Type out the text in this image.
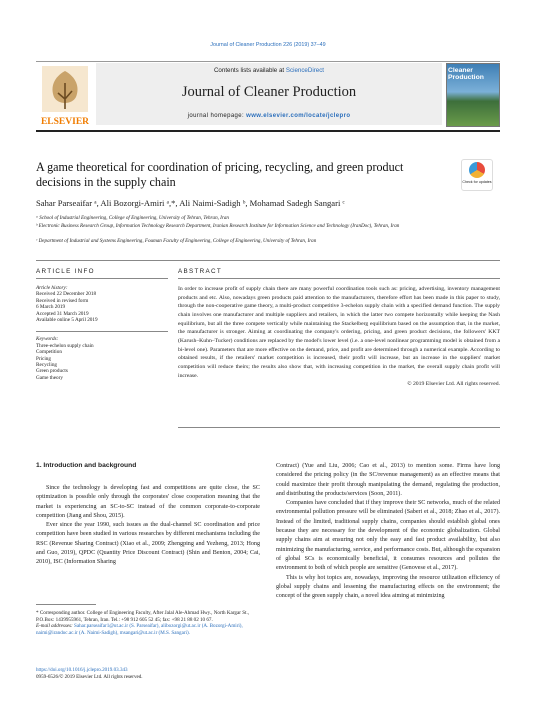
Journal of Cleaner Production 226 (2019) 37–49
ELSEVIER
Contents lists available at ScienceDirect
Journal of Cleaner Production
journal homepage: www.elsevier.com/locate/jclepro
Cleaner Production
A game theoretical for coordination of pricing, recycling, and green product decisions in the supply chain	Check for updates
Sahar Parseaifar ᵃ, Ali Bozorgi-Amiri ᵃ,*, Ali Naimi-Sadigh ᵇ, Mohamad Sadegh Sangari ᶜ
ᵃ School of Industrial Engineering, College of Engineering, University of Tehran, Tehran, Iran
ᵇ Electronic Business Research Group, Information Technology Research Department, Iranian Research Institute for Information Science and Technology (IranDoc), Tehran, Iran
ᶜ Department of Industrial and Systems Engineering, Fouman Faculty of Engineering, College of Engineering, University of Tehran, Iran
ARTICLE INFO	ABSTRACT
Article history:
Received 22 December 2018
Received in revised form
6 March 2019
Accepted 31 March 2019
Available online 5 April 2019
Keywords:
Three-echelon supply chain
Competition
Pricing
Recycling
Green products
Game theory
In order to increase profit of supply chain there are many powerful coordination tools such as: pricing, advertising, inventory management products and etc. Also, nowadays green products paid attention to the manufacturers, therefore effort has been made in this paper to study, through the non-cooperative game theory, a multi-product competitive 3-echelon supply chain with a specified demand function. The supply chain involves one manufacturer and multiple suppliers and retailers, in which the latter two compete horizontally while keeping the Nash equilibrium, but all the three compete vertically while maintaining the Stackelberg equilibrium based on the assumption that, in the market, the manufacturer is stronger. Aiming at coordinating the company's ordering, pricing, and green product decisions, the followers' KKT (Karush–Kuhn–Tucker) conditions are replaced by the model's lower level (i.e. a one-level nonlinear programming model is obtained from a bi-level one). Parameters that are more effective on the demand, price, and profit are determined through a numerical example. According to obtained results, if the retailers' market competition is increased, their profit will increase, but an increase in the suppliers' market competition will reduce theirs; the results also show that, with increasing competition in the market, the overall supply chain profit will increase.
© 2019 Elsevier Ltd. All rights reserved.
1. Introduction and background

Since the technology is developing fast and competitions are quite close, the SC optimization is possible only through the corporates' close cooperation meaning that the market is experiencing an SC-to-SC instead of the common corporate-to-corporate competition (Jiang and Shou, 2015).

Ever since the year 1990, such issues as the dual-channel SC coordination and price competition have been studied in various researches by different mechanisms including the RSC (Revenue Sharing Contract) (Xiao et al., 2009; Zhengping and Yezheng, 2013; Hong and Guo, 2019), QPDC (Quantity Price Discount Contract) (Shin and Benton, 2004; Cai, 2010), ISC (Information Sharing

Contract) (Yue and Liu, 2006; Cao et al., 2013) to mention some. Firms have long considered the pricing policy (in the SC/revenue management) as an effective means that could maximize their profit through manipulating the demand, regulating the production, and distributing the products/services (Soon, 2011).

Companies have concluded that if they improve their SC networks, much of the related environmental pollution pressure will be eliminated (Saberi et al., 2018; Zhao et al., 2017). Instead of the limited, traditional supply chains, companies should establish global ones because they are necessary for the development of the economic globalization. Global supply chains aim at ensuring not only the easy and fast product availability, but also minimizing the manufacturing, service, and performance costs. But, although the expansion of global SCs is economically beneficial, it consumes resources and pollutes the environment to both of which people are sensitive (Genovese et al., 2017).

This is why hot topics are, nowadays, improving the resource utilization efficiency of global supply chains and lessening the manufacturing effects on the environment; the concept of the green supply chain, a novel idea aiming at minimizing

* Corresponding author. College of Engineering Faculty, After Jalal Ale-Ahmad Hwy., North Kargar St., P.O.Box: 1439955961, Tehran, Iran. Tel.: +98 912 605 52 45; fax: +98 21 88 02 10 67.
E-mail addresses: Sahar.parseaifar1@ut.ac.ir (S. Parseaifar), alibozorgi@ut.ac.ir (A. Bozorgi-Amiri), naimi@irandoc.ac.ir (A. Naimi-Sadigh), msangari@ut.ac.ir (M.S. Sangari).
https://doi.org/10.1016/j.jclepro.2019.03.343
0959-6526/© 2019 Elsevier Ltd. All rights reserved.
